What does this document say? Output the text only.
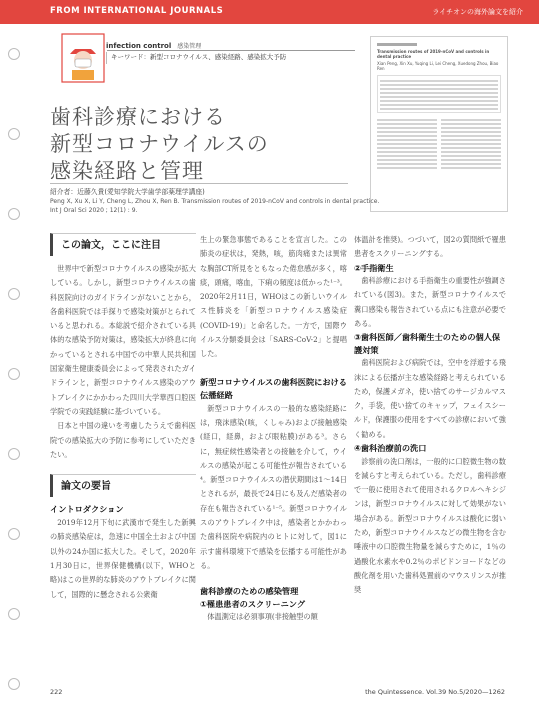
FROM INTERNATIONAL JOURNALS	ライチオンの海外論文を紹介
infection control 感染管理
キーワード：新型コロナウイルス、感染経路、感染拡大予防
歯科診療における
新型コロナウイルスの
感染経路と管理
Transmission routes of 2019-nCoV and controls in dental practice
Xian Peng, Xin Xu, Yuqing Li, Lei Cheng, Xuedong Zhou, Biao Ren
紹介者：近藤久貴(愛知学院大学歯学部薬理学講座)
Peng X, Xu X, Li Y, Cheng L, Zhou X, Ren B. Transmission routes of 2019-nCoV and controls in dental practice.
Int J Oral Sci 2020 ; 12(1) : 9.
この論文，ここに注目

世界中で新型コロナウイルスの感染が拡大している。しかし，新型コロナウイルスの歯科医院向けのガイドラインがないことから，各歯科医院では手探りで感染対策がとられていると思われる。本総説で紹介されている具体的な感染予防対策は，感染拡大が終息に向かっているとされる中国での中華人民共和国国家衛生健康委員会によって発表されたガイドラインと，新型コロナウイルス感染のアウトブレイクにかかわった四川大学華西口腔医学院での実践経験に基づいている。

日本と中国の違いを考慮したうえで歯科医院での感染拡大の予防に参考にしていただきたい。

論文の要旨
イントロダクション

2019年12月下旬に武漢市で発生した新興の肺炎感染症は，急速に中国全土および中国以外の24か国に拡大した。そして，2020年1月30日に，世界保健機構(以下，WHOと略)はこの世界的な肺炎のアウトブレイクに関して，国際的に懸念される公衆衛

生上の緊急事態であることを宣言した。この肺炎の症状は，発熱，咳，筋肉痛または異常な胸部CT所見をともなった倦怠感が多く，喀痰，頭痛，喀血，下痢の頻度は低かった¹⁻³。2020年2月11日，WHOはこの新しいウイルス性肺炎を「新型コロナウイルス感染症(COVID-19)」と命名した。一方で，国際ウイルス分類委員会は「SARS-CoV-2」と提唱した。

新型コロナウイルスの歯科医院における伝播経路

新型コロナウイルスの一般的な感染経路には，飛沫感染(咳，くしゃみ)および接触感染(経口，経鼻，および眼粘膜)がある³。さらに，無症候性感染者との接触を介して，ウイルスの感染が起こる可能性が報告されている⁴。新型コロナウイルスの潜伏期間は1〜14日とされるが，最長で24日にも及んだ感染者の存在も報告されている¹⁻⁵。新型コロナウイルスのアウトブレイク中は，感染者とかかわった歯科医院や病院内のヒトに対して，図1に示す歯科環境下で感染を伝播する可能性がある。

歯科診療のための感染管理
①罹患患者のスクリーニング

体温測定は必須事項(非接触型の額

体温計を推奨)。つづいて，図2の質問紙で罹患患者をスクリーニングする。

②手指衛生

歯科診療における手指衛生の重要性が強調されている(図3)。また，新型コロナウイルスで糞口感染も報告されている点にも注意が必要である。

③歯科医師／歯科衛生士のための個人保護対策

歯科医院および病院では，空中を浮遊する飛沫による伝播が主な感染経路と考えられているため，保護メガネ，使い捨てのサージカルマスク，手袋，使い捨てのキャップ，フェイスシールド，保護服の使用をすべての診療において強く勧める。

④歯科治療前の洗口

診察前の洗口剤は，一般的に口腔微生物の数を減らすと考えられている。ただし，歯科診療で一般に使用されて使用されるクロルヘキシジンは，新型コロナウイルスに対して効果がない場合がある。新型コロナウイルスは酸化に弱いため，新型コロナウイルスなどの微生物を含む唾液中の口腔微生物量を減らすために，1％の過酸化水素水や0.2％のポビドンヨードなどの酸化剤を用いた歯科処置前のマウスリンスが推奨

222	the Quintessence. Vol.39 No.5/2020—1262
